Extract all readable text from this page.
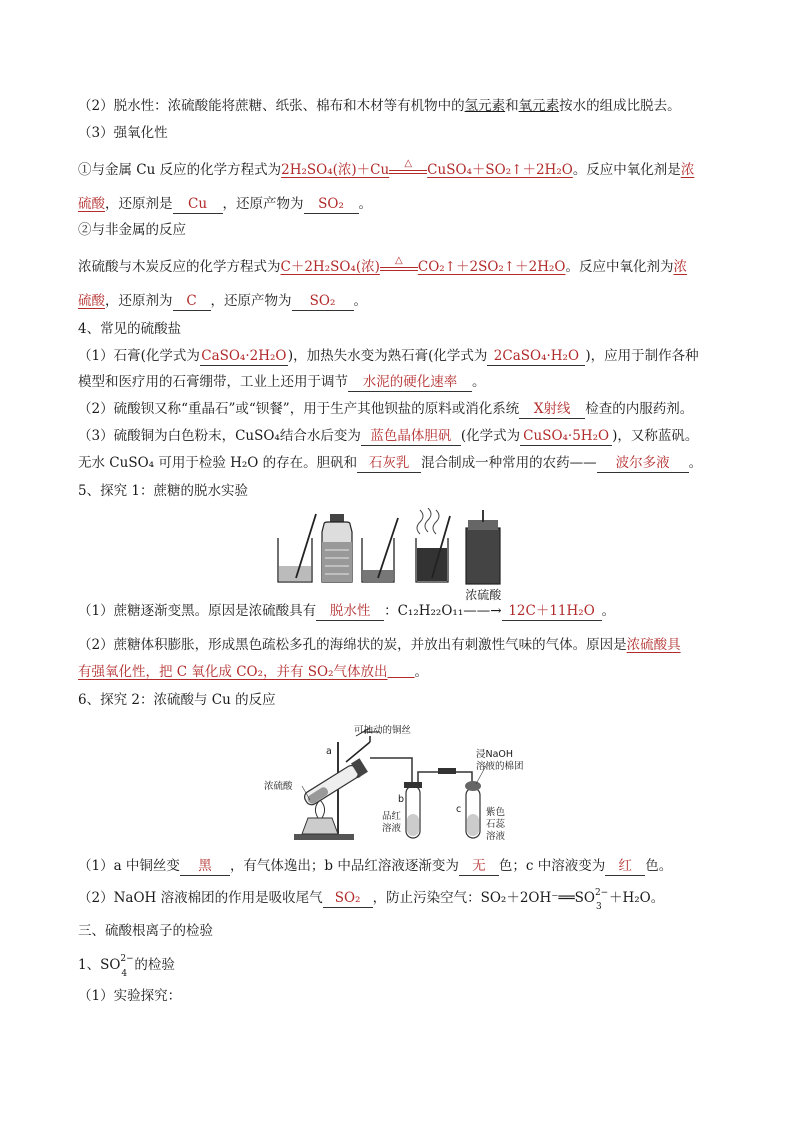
（2）脱水性：浓硫酸能将蔗糖、纸张、棉布和木材等有机物中的氢元素和氧元素按水的组成比脱去。
（3）强氧化性
①与金属 Cu 反应的化学方程式为2H₂SO₄(浓)＋Cu	△	CuSO₄＋SO₂↑＋2H₂O。反应中氧化剂是浓
硫酸，还原剂是 Cu ，还原产物为 SO₂ 。
②与非金属的反应
浓硫酸与木炭反应的化学方程式为C＋2H₂SO₄(浓)	△	CO₂↑＋2SO₂↑＋2H₂O。反应中氧化剂为浓
硫酸，还原剂为 C ，还原产物为 SO₂ 。
4、常见的硫酸盐
（1）石膏(化学式为CaSO₄·2H₂O)，加热失水变为熟石膏(化学式为 2CaSO₄·H₂O )，应用于制作各种
模型和医疗用的石膏绷带，工业上还用于调节 水泥的硬化速率 。
（2）硫酸钡又称“重晶石”或“钡餐”，用于生产其他钡盐的原料或消化系统 X射线 检查的内服药剂。
（3）硫酸铜为白色粉末，CuSO₄结合水后变为 蓝色晶体胆矾 (化学式为 CuSO₄·5H₂O )，又称蓝矾。
无水 CuSO₄ 可用于检验 H₂O 的存在。胆矾和 石灰乳 混合制成一种常用的农药—— 波尔多液 。
5、探究 1：蔗糖的脱水实验
（1）蔗糖逐渐变黑。原因是浓硫酸具有 脱水性 ：C₁₂H₂₂O₁₁
浓硫酸
——→ 12C＋11H₂O 。
（2）蔗糖体积膨胀，形成黑色疏松多孔的海绵状的炭，并放出有刺激性气味的气体。原因是浓硫酸具
有强氧化性，把 C 氧化成 CO₂，并有 SO₂气体放出　　 。
6、探究 2：浓硫酸与 Cu 的反应
可抽动的铜丝
浓硫酸
a
b
品红
溶液
浸NaOH
溶液的棉团
c	紫色
石蕊
溶液
（1）a 中铜丝变 黑 ，有气体逸出；b 中品红溶液逐渐变为 无 色；c 中溶液变为 红 色。
（2）NaOH 溶液棉团的作用是吸收尾气 SO₂ ，防止污染空气：SO₂＋2OH⁻══SO 2−
3
＋H₂O。
三、硫酸根离子的检验
1、SO 2−
4
的检验
（1）实验探究：
